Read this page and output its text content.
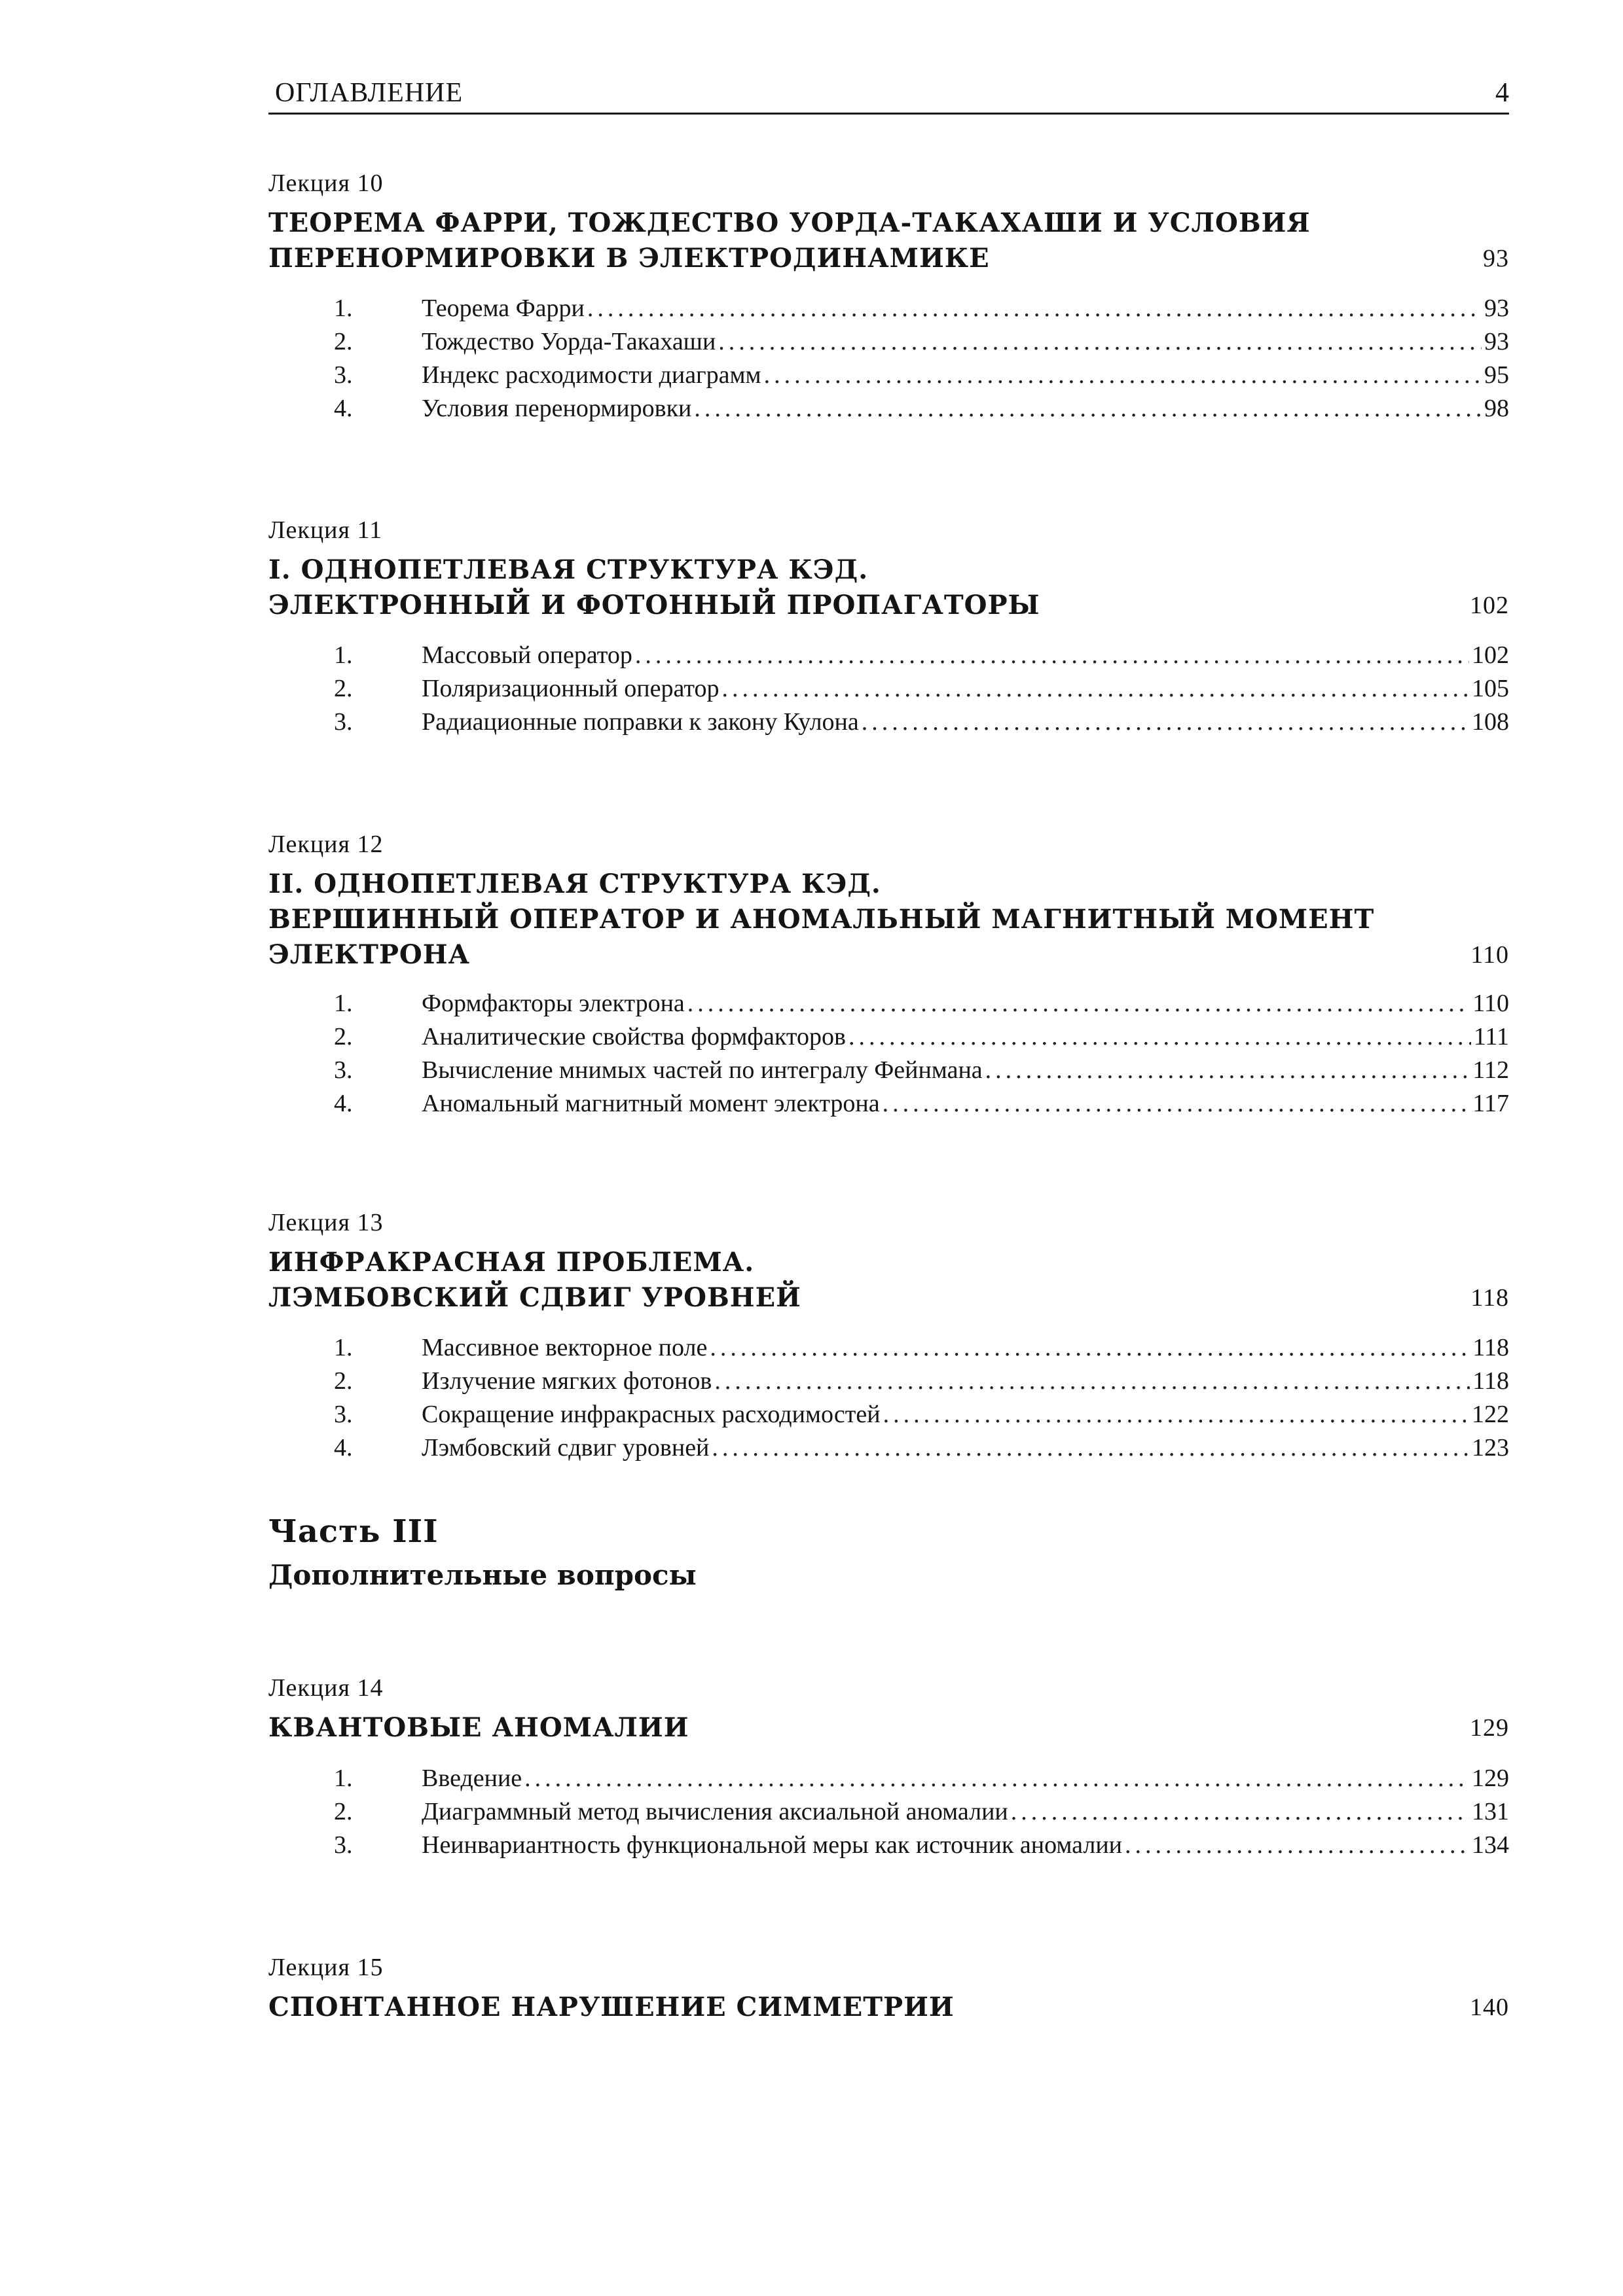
ОГЛАВЛЕНИЕ	4
Лекция 10
ТЕОРЕМА ФАРРИ, ТОЖДЕСТВО УОРДА-ТАКАХАШИ И УСЛОВИЯ
ПЕРЕНОРМИРОВКИ В ЭЛЕКТРОДИНАМИКЕ	93
1.	Теорема Фарри .....	93
2.	Тождество Уорда-Такахаши .....	93
3.	Индекс расходимости диаграмм .....	95
4.	Условия перенормировки .....	98
Лекция 11
I. ОДНОПЕТЛЕВАЯ СТРУКТУРА КЭД.
ЭЛЕКТРОННЫЙ И ФОТОННЫЙ ПРОПАГАТОРЫ	102
1.	Массовый оператор .....	102
2.	Поляризационный оператор .....	105
3.	Радиационные поправки к закону Кулона .....	108
Лекция 12
II. ОДНОПЕТЛЕВАЯ СТРУКТУРА КЭД.
ВЕРШИННЫЙ ОПЕРАТОР И АНОМАЛЬНЫЙ МАГНИТНЫЙ МОМЕНТ
ЭЛЕКТРОНА	110
1.	Формфакторы электрона .....	110
2.	Аналитические свойства формфакторов .....	111
3.	Вычисление мнимых частей по интегралу Фейнмана .....	112
4.	Аномальный магнитный момент электрона .....	117
Лекция 13
ИНФРАКРАСНАЯ ПРОБЛЕМА.
ЛЭМБОВСКИЙ СДВИГ УРОВНЕЙ	118
1.	Массивное векторное поле .....	118
2.	Излучение мягких фотонов .....	118
3.	Сокращение инфракрасных расходимостей .....	122
4.	Лэмбовский сдвиг уровней .....	123
Часть III
Дополнительные вопросы
Лекция 14
КВАНТОВЫЕ АНОМАЛИИ	129
1.	Введение .....	129
2.	Диаграммный метод вычисления аксиальной аномалии .....	131
3.	Неинвариантность функциональной меры как источник аномалии .....	134
Лекция 15
СПОНТАННОЕ НАРУШЕНИЕ СИММЕТРИИ	140
